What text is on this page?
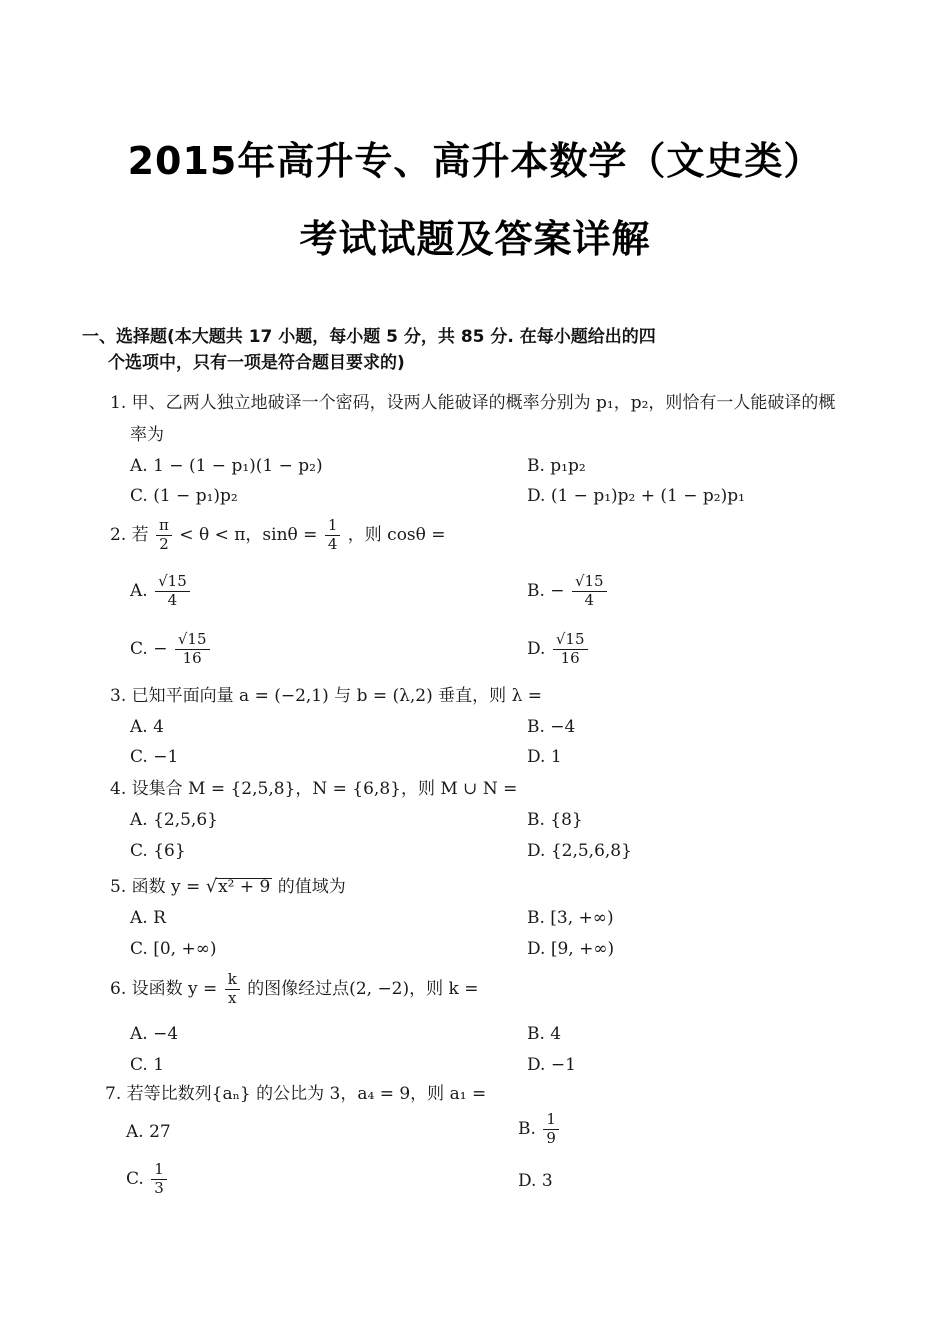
2015年高升专、高升本数学（文史类）
考试试题及答案详解
一、选择题(本大题共 17 小题，每小题 5 分，共 85 分. 在每小题给出的四
个选项中，只有一项是符合题目要求的)
1. 甲、乙两人独立地破译一个密码，设两人能破译的概率分别为 p₁，p₂，则恰有一人能破译的概
率为
A. 1 − (1 − p₁)(1 − p₂)	B. p₁p₂
C. (1 − p₁)p₂	D. (1 − p₁)p₂ + (1 − p₂)p₁
2. 若 $\frac{\pi}{2} < \theta < \pi$，$\sin\theta = \frac{1}{4}$ ，则 cosθ =
A. $\frac{√15}{4}$	B. − $\frac{√15}{4}$
C. − $\frac{√15}{16}$	D. $\frac{√15}{16}$
3. 已知平面向量 a = (−2,1) 与 b = (λ,2) 垂直，则 λ =
A. 4	B. −4
C. −1	D. 1
4. 设集合 M = {2,5,8}，N = {6,8}，则 M ∪ N =
A. {2,5,6}	B. {8}
C. {6}	D. {2,5,6,8}
5. 函数 y = √ x² + 9 的值域为
A. R	B. [3, +∞)
C. [0, +∞)	D. [9, +∞)
6. 设函数 $y = \frac{k}{x}$ 的图像经过点(2, −2)，则 k =
A. −4	B. 4
C. 1	D. −1
7. 若等比数列{aₙ} 的公比为 3，a₄ = 9，则 a₁ =
A. 27	B. $\frac{1}{9}$
C. $\frac{1}{3}$	D. 3
